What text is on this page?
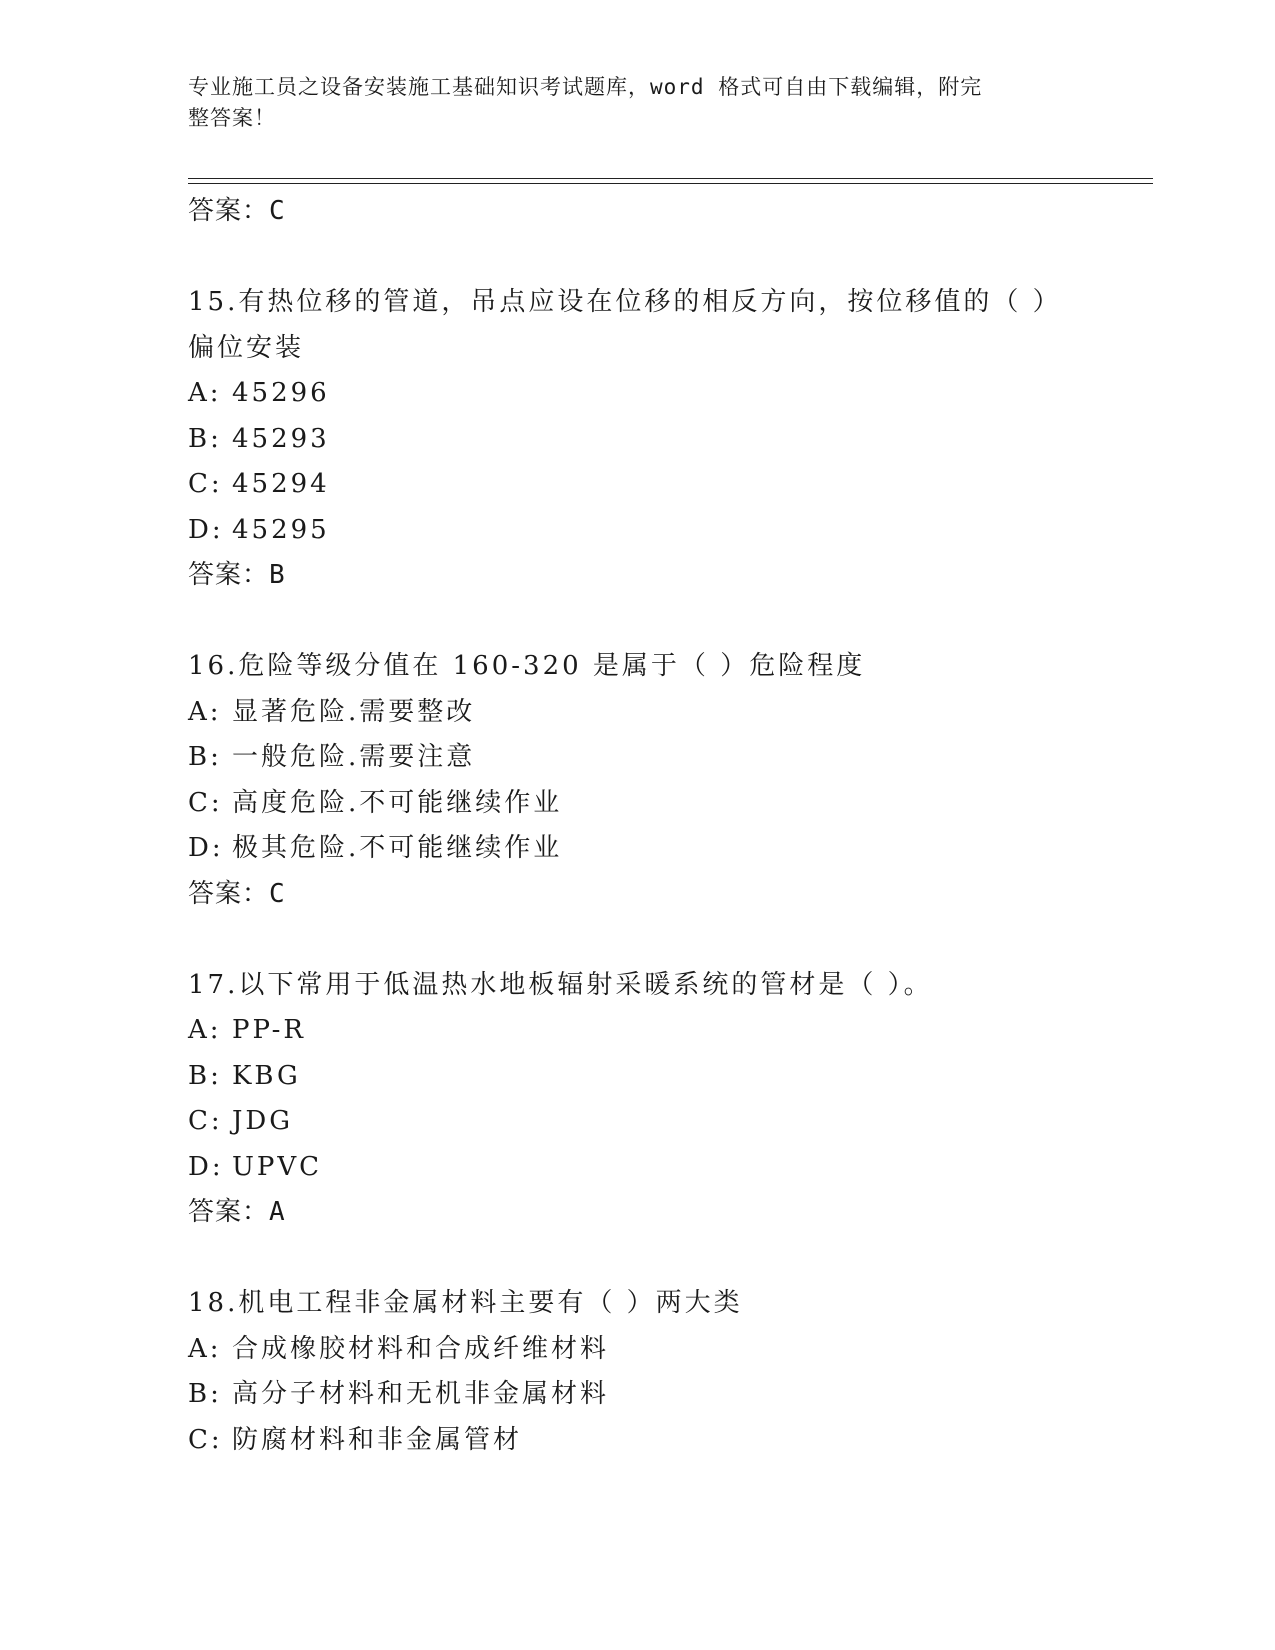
专业施工员之设备安装施工基础知识考试题库，word 格式可自由下载编辑，附完
整答案！
答案：C
15.有热位移的管道，吊点应设在位移的相反方向，按位移值的（ ）
偏位安装
A: 45296
B: 45293
C: 45294
D: 45295
答案：B
16.危险等级分值在 160-320 是属于（ ）危险程度
A: 显著危险.需要整改
B: 一般危险.需要注意
C: 高度危险.不可能继续作业
D: 极其危险.不可能继续作业
答案：C
17.以下常用于低温热水地板辐射采暖系统的管材是（ ）。
A: PP-R
B: KBG
C: JDG
D: UPVC
答案：A
18.机电工程非金属材料主要有（ ）两大类
A: 合成橡胶材料和合成纤维材料
B: 高分子材料和无机非金属材料
C: 防腐材料和非金属管材
